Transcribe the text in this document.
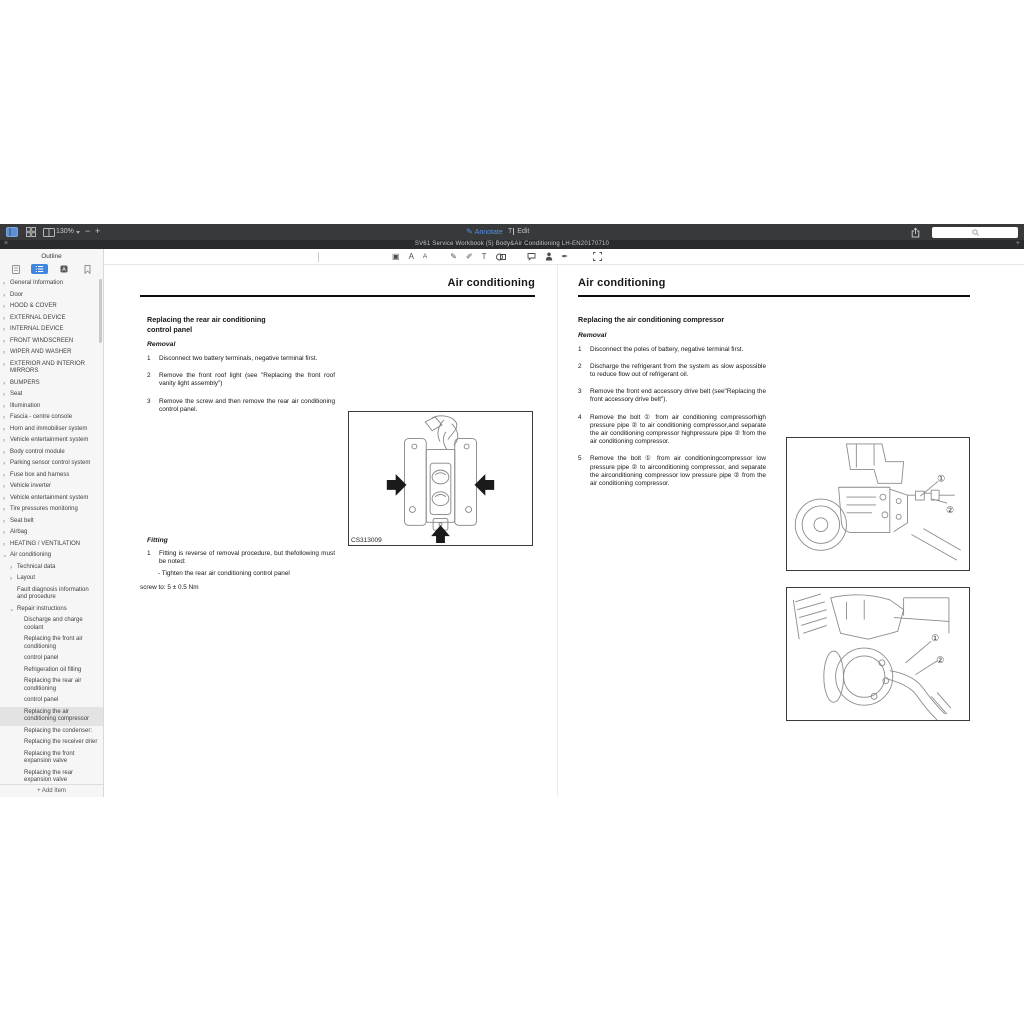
130% − +	✎ Annotate T Edit
×	SV61 Service Workbook (5) Body&Air Conditioning LH-EN20170710	+
Outline
A
› General Information
› Door
› HOOD & COVER
› EXTERNAL DEVICE
› INTERNAL DEVICE
› FRONT WINDSCREEN
› WIPER AND WASHER
› EXTERIOR AND INTERIOR MIRRORS
› BUMPERS
› Seat
› Illumination
› Fascia - centre console
› Horn and immobiliser system
› Vehicle entertainment system
› Body control module
› Parking sensor control system
› Fuse box and harness
› Vehicle inverter
› Vehicle entertainment system
› Tire pressures monitoring
› Seat belt
› Airbag
› HEATING / VENTILATION
› Air conditioning
› Technical data
› Layout
Fault diagnosis information and procedure
› Repair instructions
Discharge and charge coolant
Replacing the front air conditioning
control panel
Refrigeration oil filling
Replacing the rear air conditioning
control panel
Replacing the air conditioning compressor
Replacing the condenser:
Replacing the receiver drier
Replacing the front expansion valve
Replacing the rear expansion valve
+ Add Item
▣ A A	✎ ✐ T	✒
Air conditioning
Replacing the rear air conditioning
control panel
Removal
1	Disconnect two battery terminals, negative terminal first.
2	Remove the front roof light (see "Replacing the front roof vanity light assembly")
3	Remove the screw and then remove the rear air conditioning control panel.
Fitting
1	Fitting is reverse of removal procedure, but thefollowing must be noted:
- Tighten the rear air conditioning control panel
screw to: 5 ± 0.5 Nm
CS313009
Air conditioning
Replacing the air conditioning compressor
Removal
1	Disconnect the poles of battery, negative terminal first.
2	Discharge the refrigerant from the system as slow aspossible to reduce flow out of refrigerant oil.
3	Remove the front end accessory drive belt (see"Replacing the front accessory drive belt").
4	Remove the bolt ① from air conditioning compressorhigh pressure pipe ② to air conditioning compressor,and separate the air conditioning compressor highpressure pipe ② from the air conditioning compressor.
5	Remove the bolt ① from air conditioningcompressor low pressure pipe ② to airconditioning compressor, and separate the airconditioning compressor low pressure pipe ② from the air conditioning compressor.
①
②
①
②
